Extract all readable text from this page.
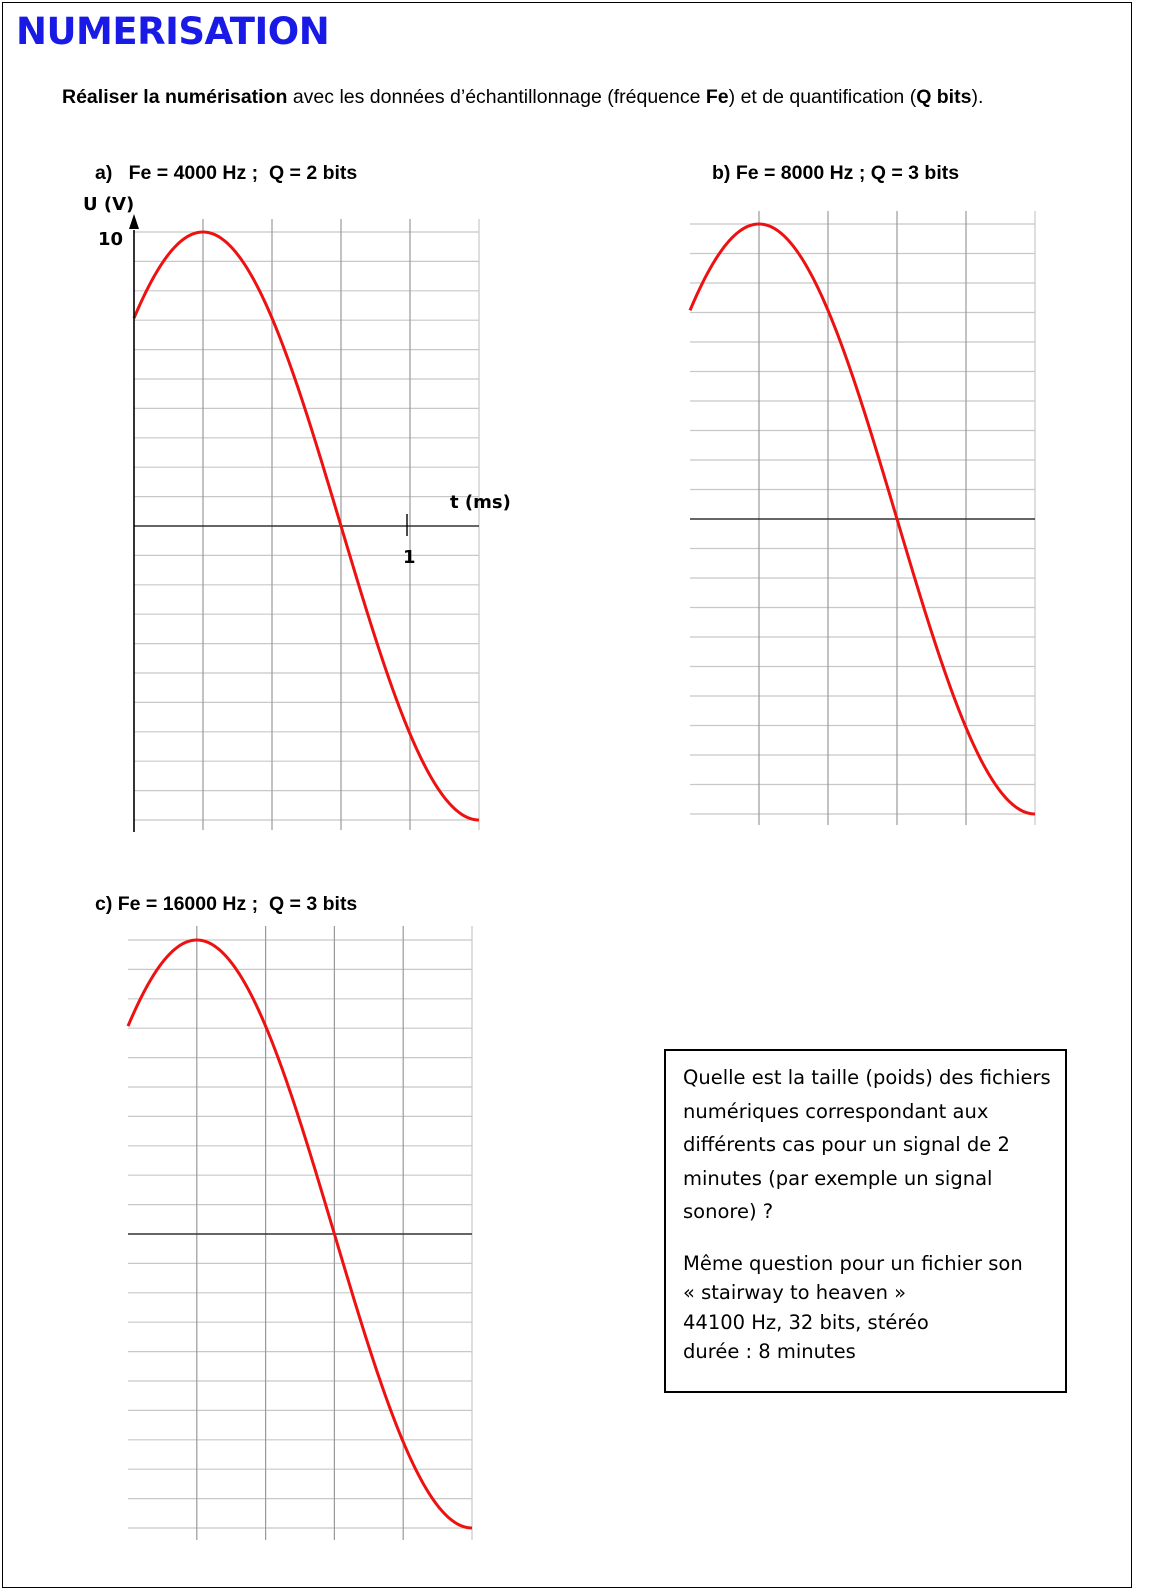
NUMERISATION
Réaliser la numérisation avec les données d’échantillonnage (fréquence Fe) et de quantification (Q bits).
a)   Fe = 4000 Hz ;  Q = 2 bits	b) Fe = 8000 Hz ; Q = 3 bits
c) Fe = 16000 Hz ;  Q = 3 bits
U (V)
10
t (ms)
1

Quelle est la taille (poids) des fichiers
numériques correspondant aux
différents cas pour un signal de 2
minutes (par exemple un signal
sonore) ?

Même question pour un fichier son
« stairway to heaven »
44100 Hz, 32 bits, stéréo
durée : 8 minutes
